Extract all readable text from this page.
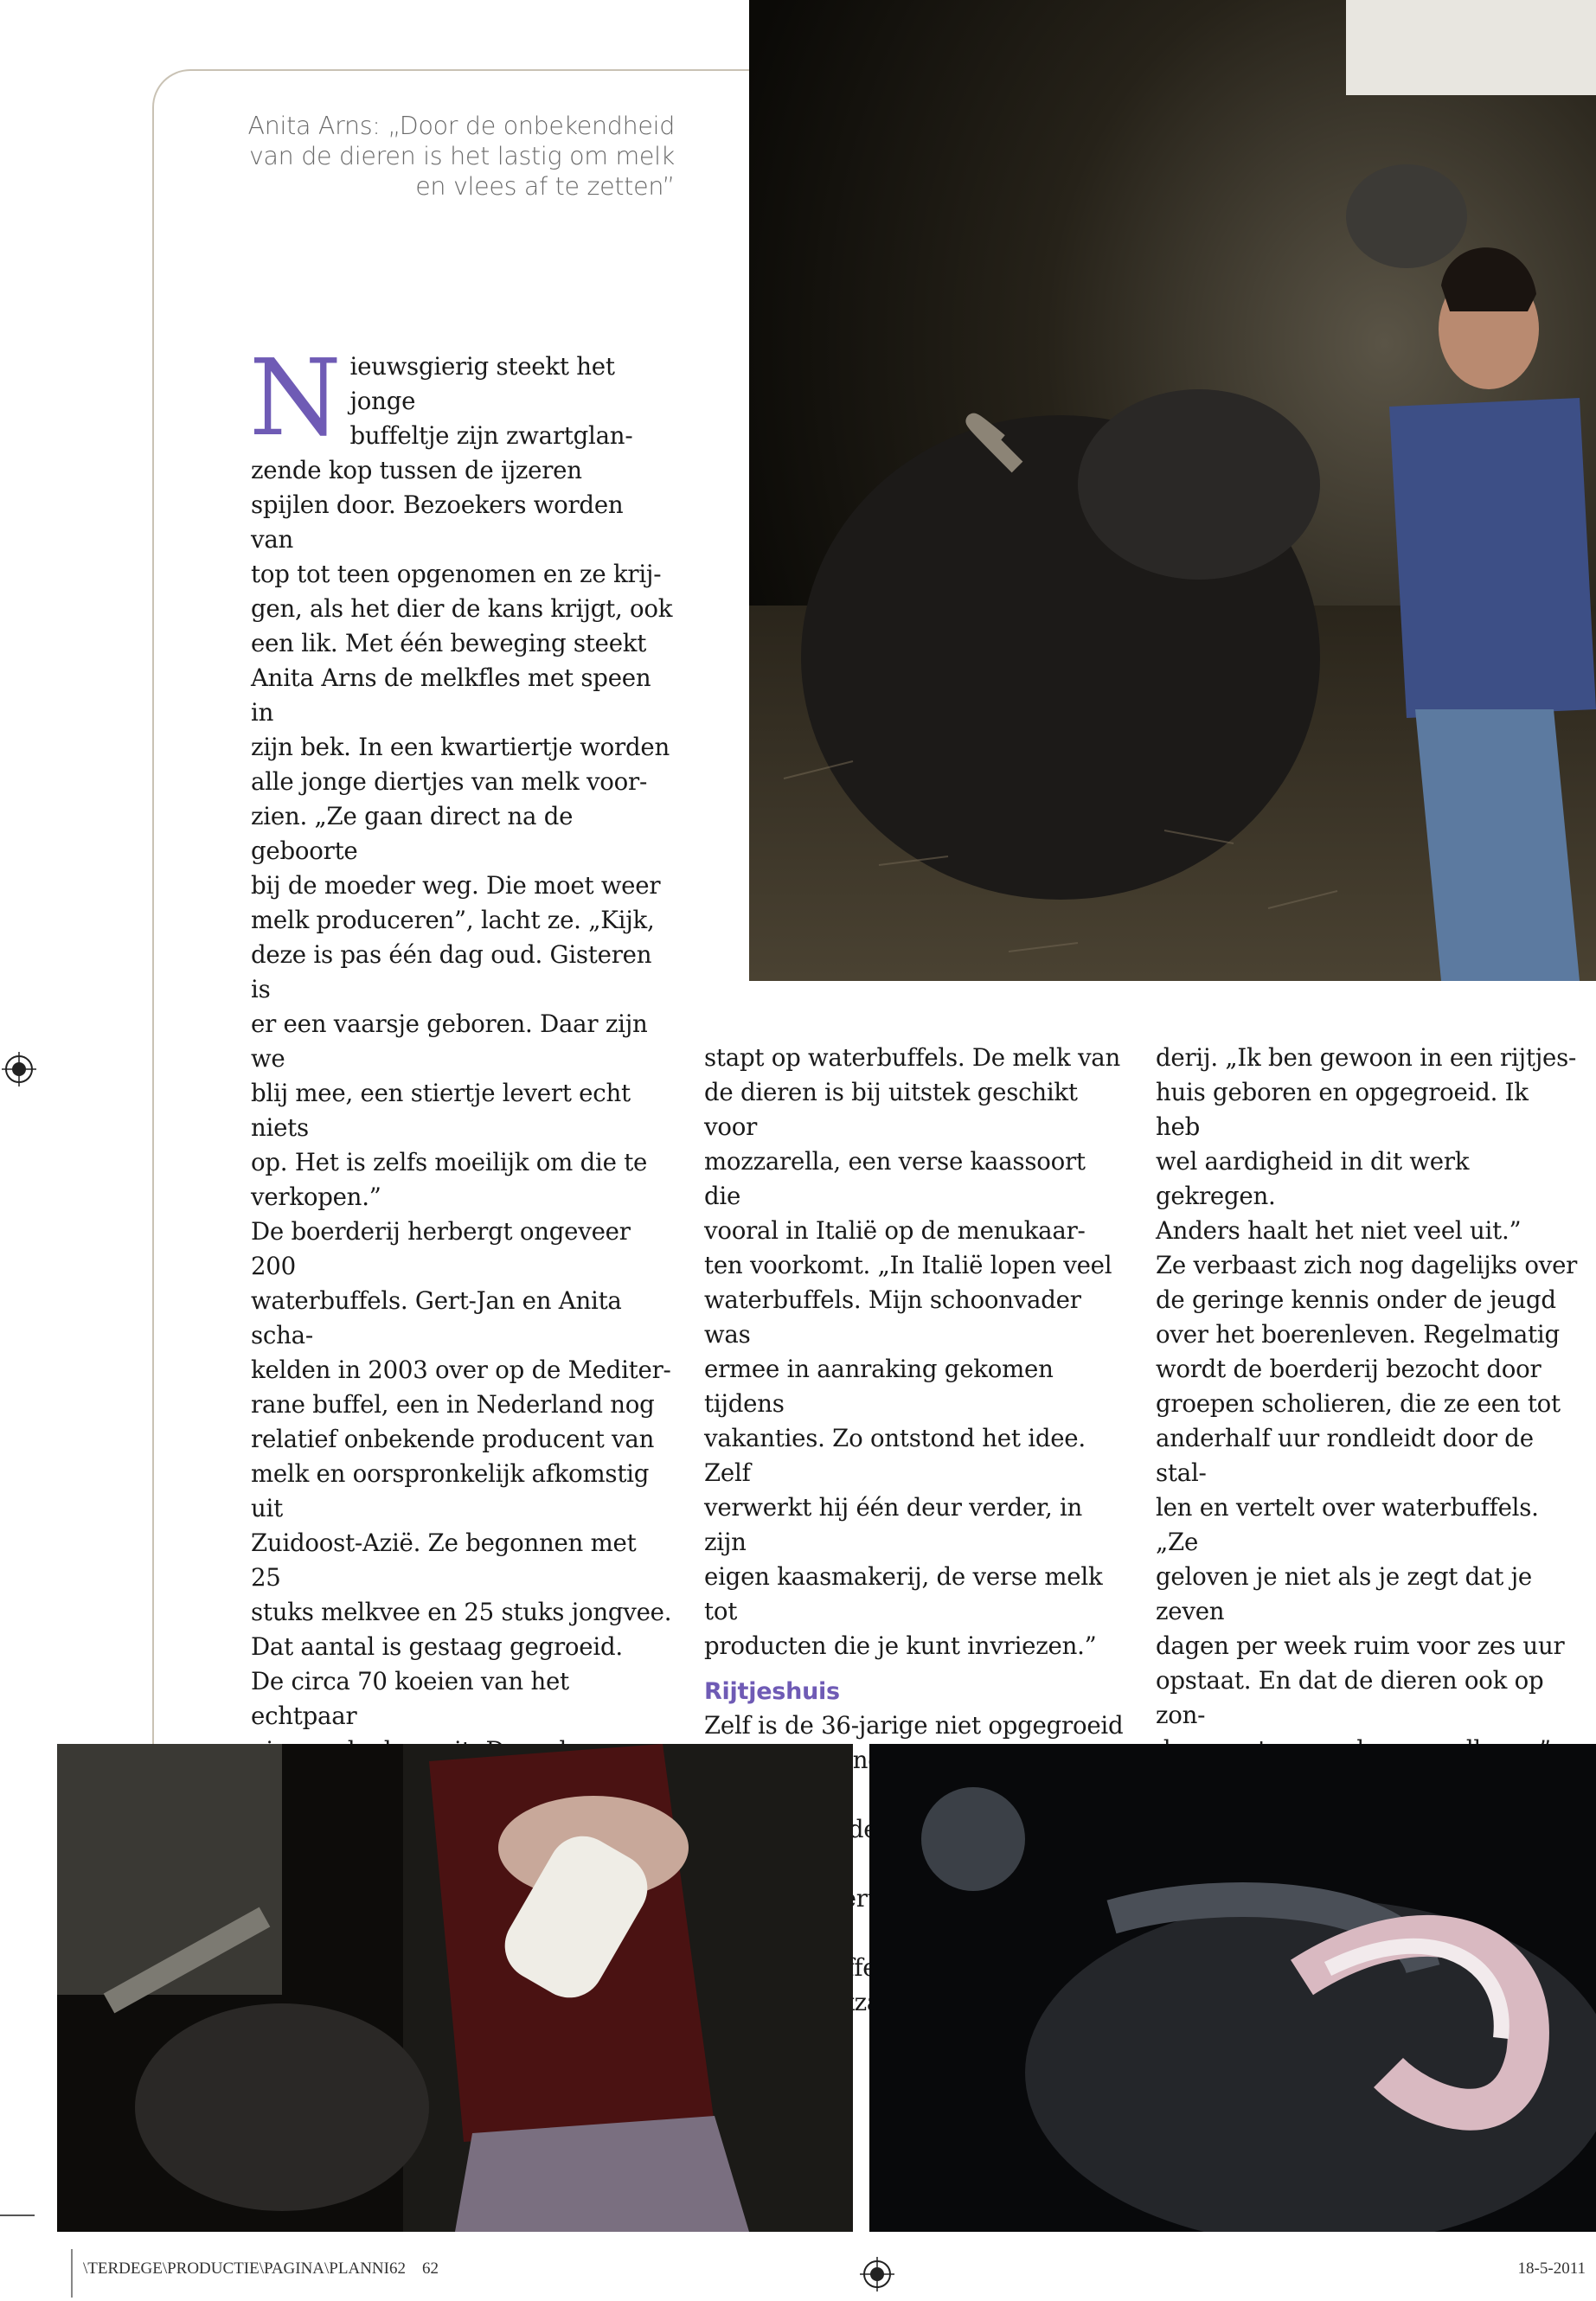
Anita Arns: „Door de onbekendheid
van de dieren is het lastig om melk
en vlees af te zetten”
N ieuwsgierig steekt het jonge
buffeltje zijn zwartglan-
zende kop tussen de ijzeren
spijlen door. Bezoekers worden van
top tot teen opgenomen en ze krij-
gen, als het dier de kans krijgt, ook
een lik. Met één beweging steekt
Anita Arns de melkfles met speen in
zijn bek. In een kwartiertje worden
alle jonge diertjes van melk voor-
zien. „Ze gaan direct na de geboorte
bij de moeder weg. Die moet weer
melk produceren”, lacht ze. „Kijk,
deze is pas één dag oud. Gisteren is
er een vaarsje geboren. Daar zijn we
blij mee, een stiertje levert echt niets
op. Het is zelfs moeilijk om die te
verkopen.”
De boerderij herbergt ongeveer 200
waterbuffels. Gert-Jan en Anita scha-
kelden in 2003 over op de Mediter-
rane buffel, een in Nederland nog
relatief onbekende producent van
melk en oorspronkelijk afkomstig uit
Zuidoost-Azië. Ze begonnen met 25
stuks melkvee en 25 stuks jongvee.
Dat aantal is gestaag gegroeid.
De circa 70 koeien van het echtpaar
stapt op waterbuffels. De melk van
de dieren is bij uitstek geschikt voor
mozzarella, een verse kaassoort die
vooral in Italië op de menukaar-
ten voorkomt. „In Italië lopen veel
waterbuffels. Mijn schoonvader was
ermee in aanraking gekomen tijdens
vakanties. Zo ontstond het idee. Zelf
verwerkt hij één deur verder, in zijn
eigen kaasmakerij, de verse melk tot
producten die je kunt invriezen.”

Rijtjeshuis

Zelf is de 36-jarige niet opgegroeid
anders
buffels
derij. „Ik ben gewoon in een rijtjes-
huis geboren en opgegroeid. Ik heb
wel aardigheid in dit werk gekregen.
Anders haalt het niet veel uit.”
Ze verbaast zich nog dagelijks over
de geringe kennis onder de jeugd
over het boerenleven. Regelmatig
wordt de boerderij bezocht door
groepen scholieren, die ze een tot
anderhalf uur rondleidt door de stal-
len en vertelt over waterbuffels. „Ze
geloven je niet als je zegt dat je zeven
dagen per week ruim voor zes uur
opstaat. En dat de dieren ook op zon-
\TERDEGE\PRODUCTIE\PAGINA\PLANNI62 62	18-5-2011
